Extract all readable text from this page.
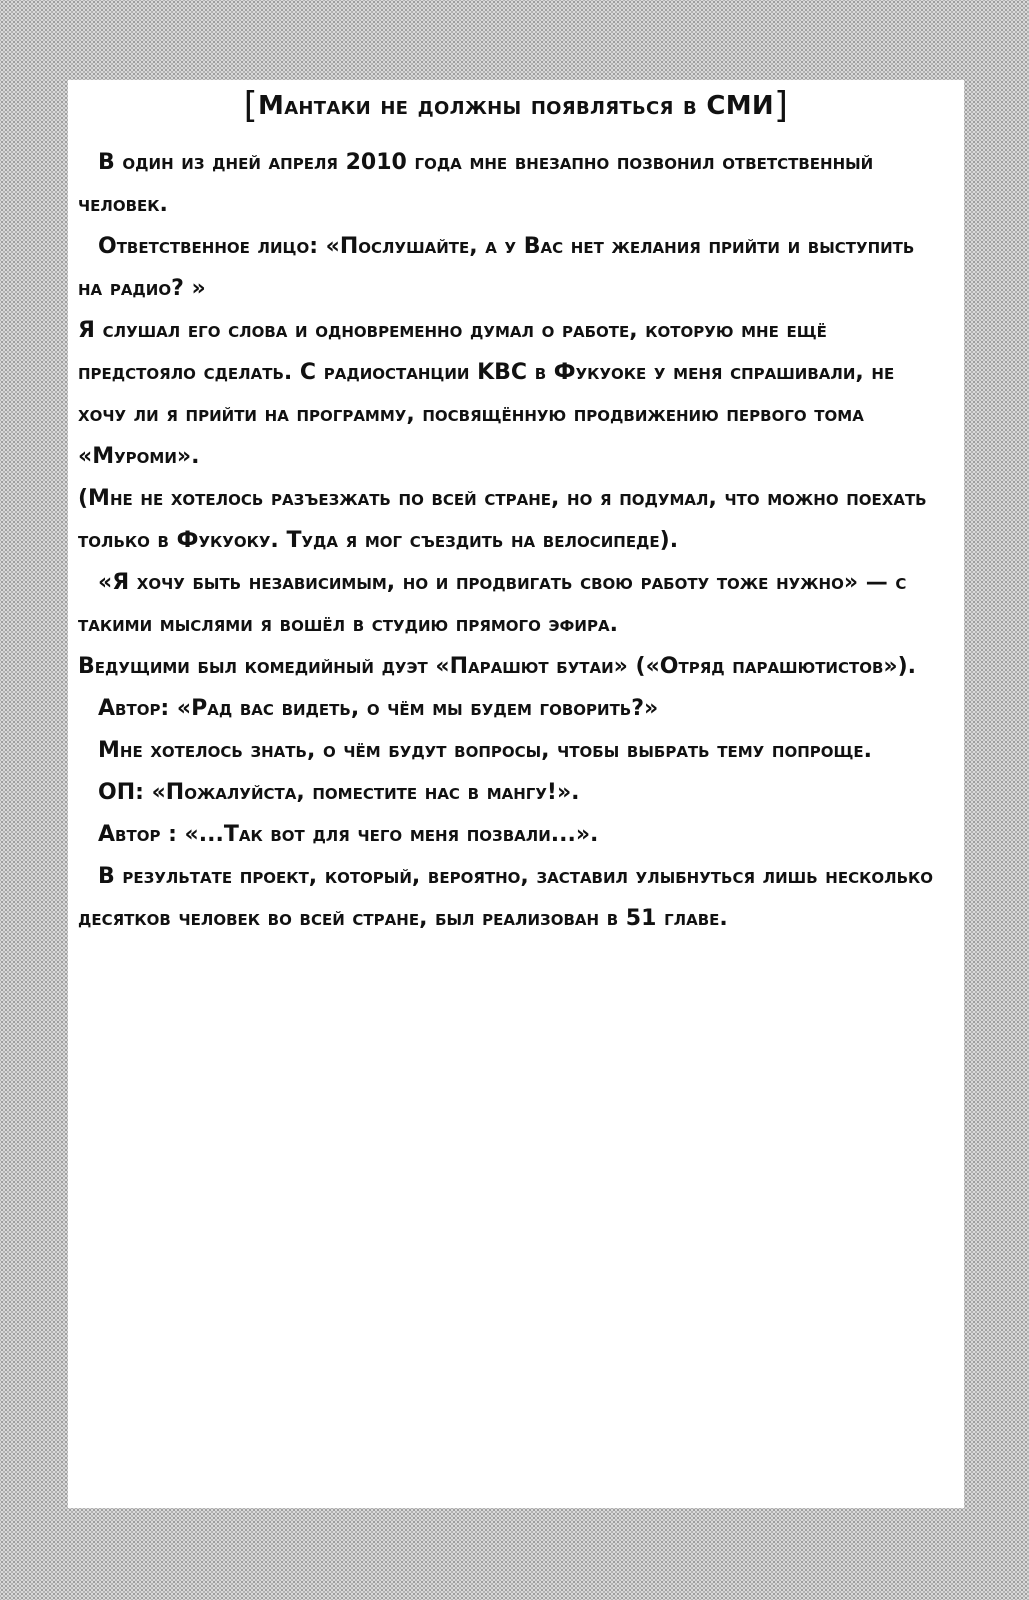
[Мантаки не должны появляться в СМИ]

В один из дней апреля 2010 года мне внезапно позвонил ответственный человек.

Ответственное лицо: «Послушайте, а у Вас нет желания прийти и выступить на радио? »

Я слушал его слова и одновременно думал о работе, которую мне ещё предстояло сделать. С радиостанции KBC в Фукуоке у меня спрашивали, не хочу ли я прийти на программу, посвящённую продвижению первого тома «Муроми».

(Мне не хотелось разъезжать по всей стране, но я подумал, что можно поехать только в Фукуоку. Туда я мог съездить на велосипеде).

«Я хочу быть независимым, но и продвигать свою работу тоже нужно» — с такими мыслями я вошёл в студию прямого эфира.

Ведущими был комедийный дуэт «Парашют бутаи» («Отряд парашютистов»).

Автор: «Рад вас видеть, о чём мы будем говорить?»

Мне хотелось знать, о чём будут вопросы, чтобы выбрать тему попроще.

ОП: «Пожалуйста, поместите нас в мангу!».

Автор : «...Так вот для чего меня позвали...».

В результате проект, который, вероятно, заставил улыбнуться лишь несколько десятков человек во всей стране, был реализован в 51 главе.
